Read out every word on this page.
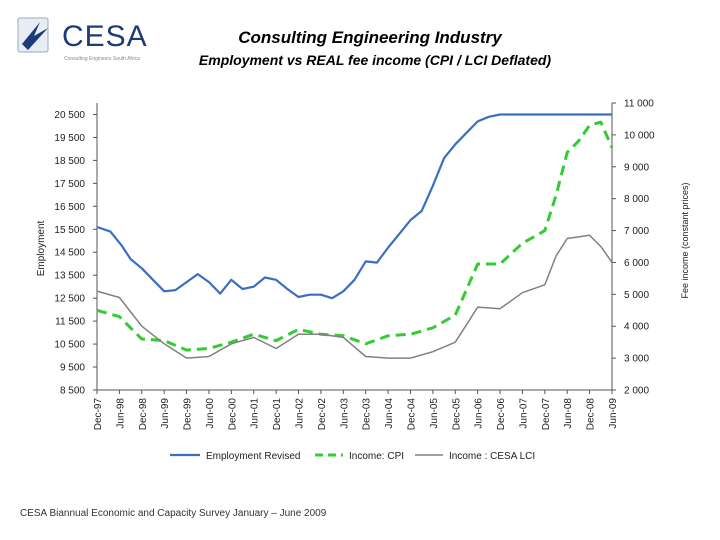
CESA
Consulting Engineers South Africa
Consulting Engineering Industry
Employment vs REAL fee income (CPI / LCI Deflated)
20 500
19 500
18 500
17 500
16 500
15 500
14 500
13 500
12 500
11 500
10 500
9 500
8 500
11 000
10 000
9 000
8 000
7 000
6 000
5 000
4 000
3 000
2 000
Dec-97 Jun-98 Dec-98 Jun-99 Dec-99 Jun-00 Dec-00 Jun-01 Dec-01 Jun-02 Dec-02 Jun-03 Dec-03 Jun-04 Dec-04 Jun-05 Dec-05 Jun-06 Dec-06 Jun-07 Dec-07 Jun-08 Dec-08 Jun-09
Employment	Fee income (constant prices)
Employment Revised	Income: CPI	Income : CESA LCI
CESA Biannual Economic and Capacity Survey January – June 2009
